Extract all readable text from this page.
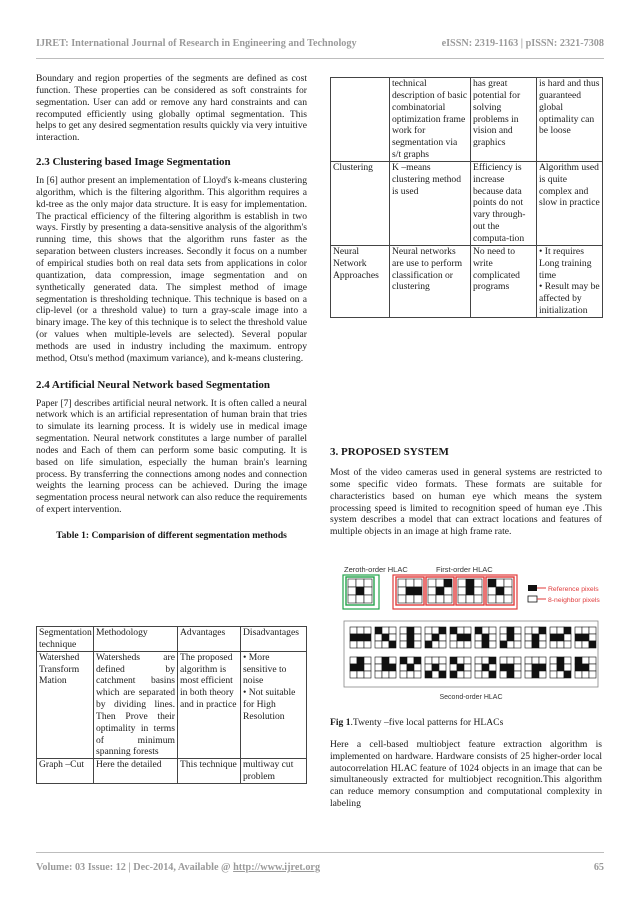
IJRET: International Journal of Research in Engineering and Technology	eISSN: 2319-1163 | pISSN: 2321-7308

Boundary and region properties of the segments are defined as cost function. These properties can be considered as soft constraints for segmentation. User can add or remove any hard constraints and can recomputed efficiently using globally optimal segmentation. This helps to get any desired segmentation results quickly via very intuitive interaction.

2.3 Clustering based Image Segmentation

In [6] author present an implementation of Lloyd's k-means clustering algorithm, which is the filtering algorithm. This algorithm requires a kd-tree as the only major data structure. It is easy for implementation. The practical efficiency of the filtering algorithm is establish in two ways. Firstly by presenting a data-sensitive analysis of the algorithm's running time, this shows that the algorithm runs faster as the separation between clusters increases. Secondly it focus on a number of empirical studies both on real data sets from applications in color quantization, data compression, image segmentation and on synthetically generated data. The simplest method of image segmentation is thresholding technique. This technique is based on a clip-level (or a threshold value) to turn a gray-scale image into a binary image. The key of this technique is to select the threshold value (or values when multiple-levels are selected). Several popular methods are used in industry including the maximum. entropy method, Otsu's method (maximum variance), and k-means clustering.

2.4 Artificial Neural Network based Segmentation

Paper [7] describes artificial neural network. It is often called a neural network which is an artificial representation of human brain that tries to simulate its learning process. It is widely use in medical image segmentation. Neural network constitutes a large number of parallel nodes and Each of them can perform some basic computing. It is based on life simulation, especially the human brain's learning process. By transferring the connections among nodes and connection weights the learning process can be achieved. During the image segmentation process neural network can also reduce the requirements of expert intervention.

Table 1: Comparision of different segmentation methods

Segmentation technique	Methodology	Advantages	Disadvantages
Watershed Transform Mation	Watersheds are defined by catchment basins which are separated by dividing lines. Then Prove their optimality in terms of minimum spanning forests	The proposed algorithm is most efficient in both theory and in practice	• More sensitive to noise
• Not suitable for High Resolution

Graph –Cut	Here the detailed	This technique	multiway cut problem
	technical description of basic combinatorial optimization frame work for segmentation via s/t graphs	has great potential for solving problems in vision and graphics	is hard and thus guaranteed global optimality can be loose
Clustering	K –means clustering method is used	Efficiency is increase because data points do not vary through-out the computa-tion	Algorithm used is quite complex and slow in practice
Neural Network Approaches	Neural networks are use to perform classification or clustering	No need to write complicated programs	• It requires Long training time
• Result may be affected by initialization
3. PROPOSED SYSTEM

Most of the video cameras used in general systems are restricted to some specific video formats. These formats are suitable for characteristics based on human eye which means the system processing speed is limited to recognition speed of human eye .This system describes a model that can extract locations and features of multiple objects in an image at high frame rate.

Zeroth-order HLAC	First-order HLAC
Reference pixels
8-neighbor pixels
Second-order HLAC

Fig 1.Twenty –five local patterns for HLACs

Here a cell-based multiobject feature extraction algorithm is implemented on hardware. Hardware consists of 25 higher-order local autocorrelation HLAC feature of 1024 objects in an image that can be simultaneously extracted for multiobject recognition.This algorithm can reduce memory consumption and computational complexity in labeling

Volume: 03 Issue: 12 | Dec-2014, Available @ http://www.ijret.org	65
